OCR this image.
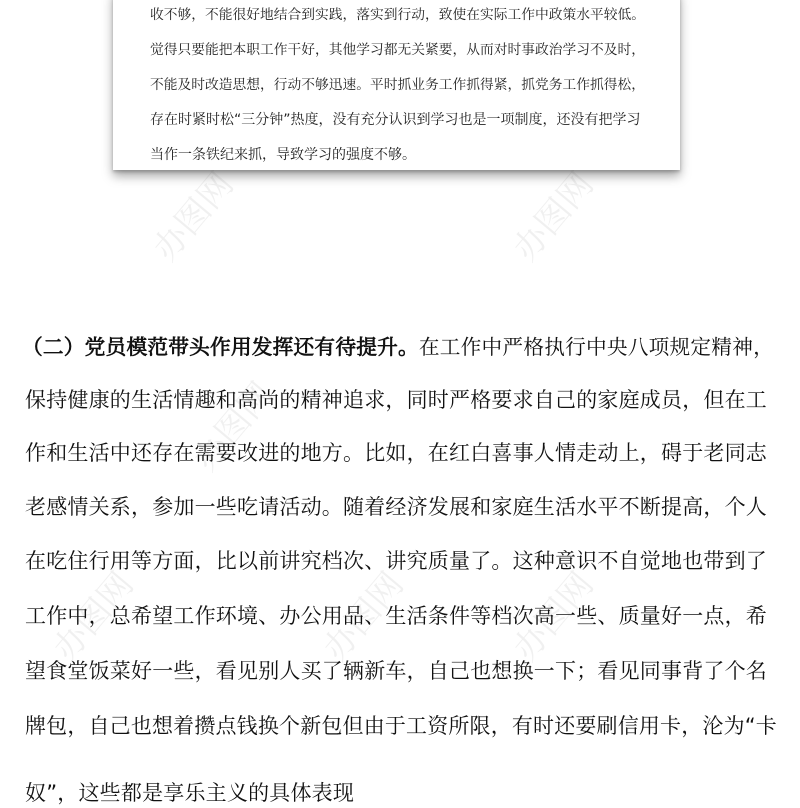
办图网	办图网
办图网
办图网	办图网	办图网
收不够，不能很好地结合到实践，落实到行动，致使在实际工作中政策水平较低。
觉得只要能把本职工作干好，其他学习都无关紧要，从而对时事政治学习不及时，
不能及时改造思想，行动不够迅速。平时抓业务工作抓得紧，抓党务工作抓得松，
存在时紧时松“三分钟”热度，没有充分认识到学习也是一项制度，还没有把学习
当作一条铁纪来抓，导致学习的强度不够。
（二）党员模范带头作用发挥还有待提升。在工作中严格执行中央八项规定精神，
保持健康的生活情趣和高尚的精神追求，同时严格要求自己的家庭成员，但在工
作和生活中还存在需要改进的地方。比如，在红白喜事人情走动上，碍于老同志
老感情关系，参加一些吃请活动。随着经济发展和家庭生活水平不断提高，个人
在吃住行用等方面，比以前讲究档次、讲究质量了。这种意识不自觉地也带到了
工作中，总希望工作环境、办公用品、生活条件等档次高一些、质量好一点，希
望食堂饭菜好一些，看见别人买了辆新车，自己也想换一下；看见同事背了个名
牌包，自己也想着攒点钱换个新包但由于工资所限，有时还要刷信用卡，沦为“卡
奴”，这些都是享乐主义的具体表现
